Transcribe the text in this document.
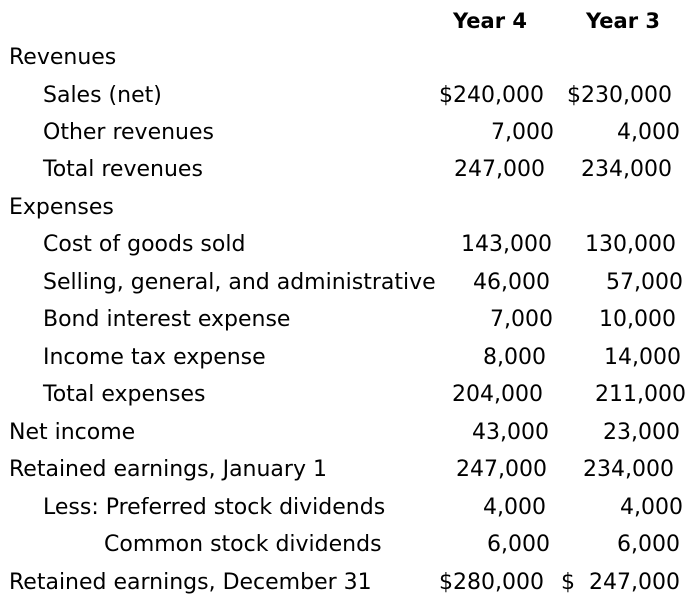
Year 4	Year 3
Revenues
Sales (net)
Other revenues
Total revenues
Expenses
Cost of goods sold
Selling, general, and administrative
Bond interest expense
Income tax expense
Total expenses
Net income
Retained earnings, January 1
Less: Preferred stock dividends
Common stock dividends
Retained earnings, December 31
$240,000
7,000
247,000
143,000
46,000
7,000
8,000
204,000
43,000
247,000
4,000
6,000
$280,000
$230,000
4,000
234,000
130,000
57,000
10,000
14,000
211,000
23,000
234,000
4,000
6,000
$  247,000
